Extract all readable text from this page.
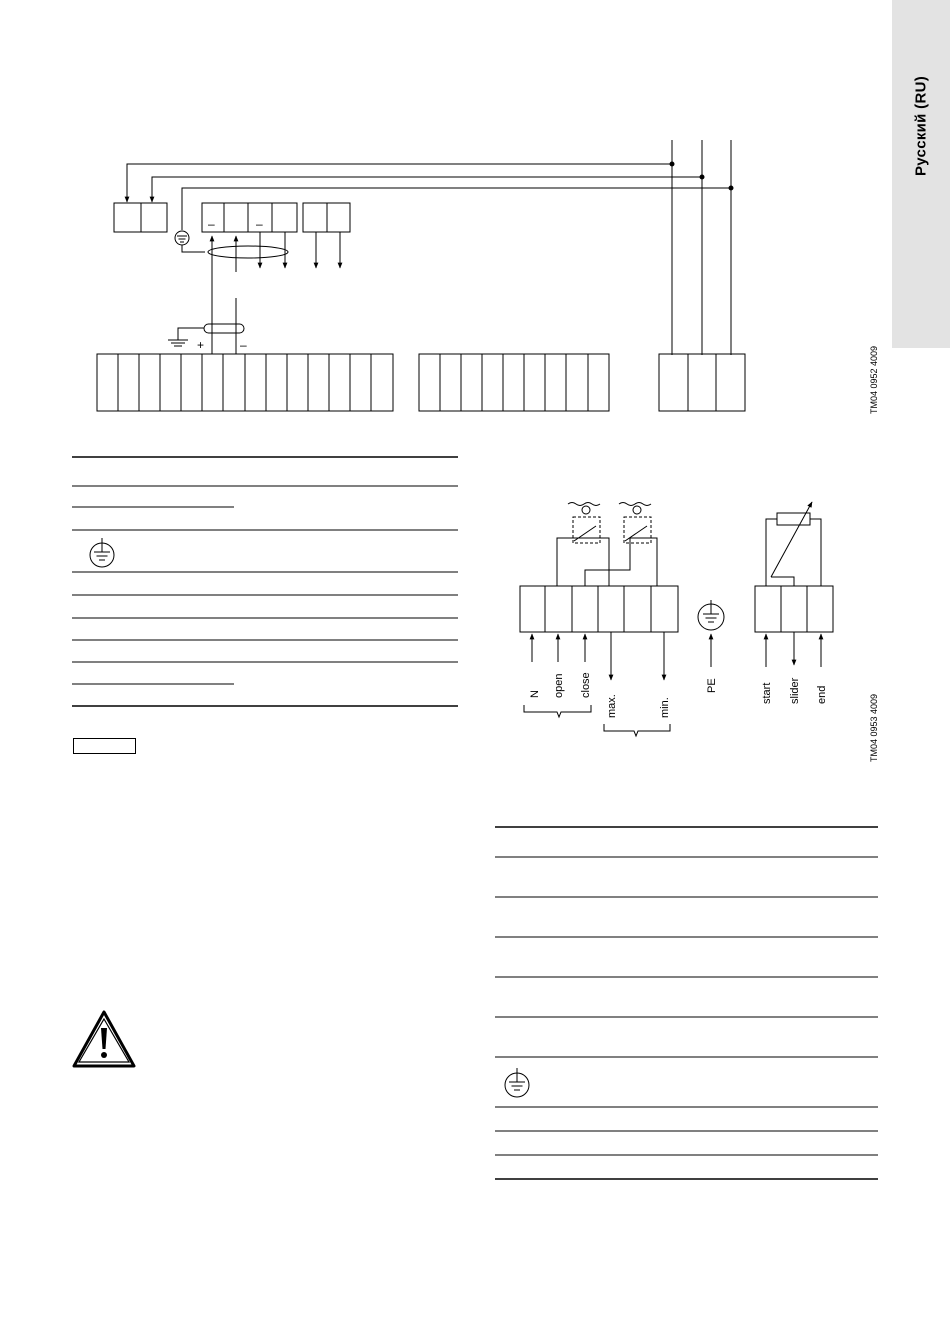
Русский (RU)
TM04 0952 4009
TM04 0953 4009
–	–
+	–
N open close
max.	min.
PE	start slider end
